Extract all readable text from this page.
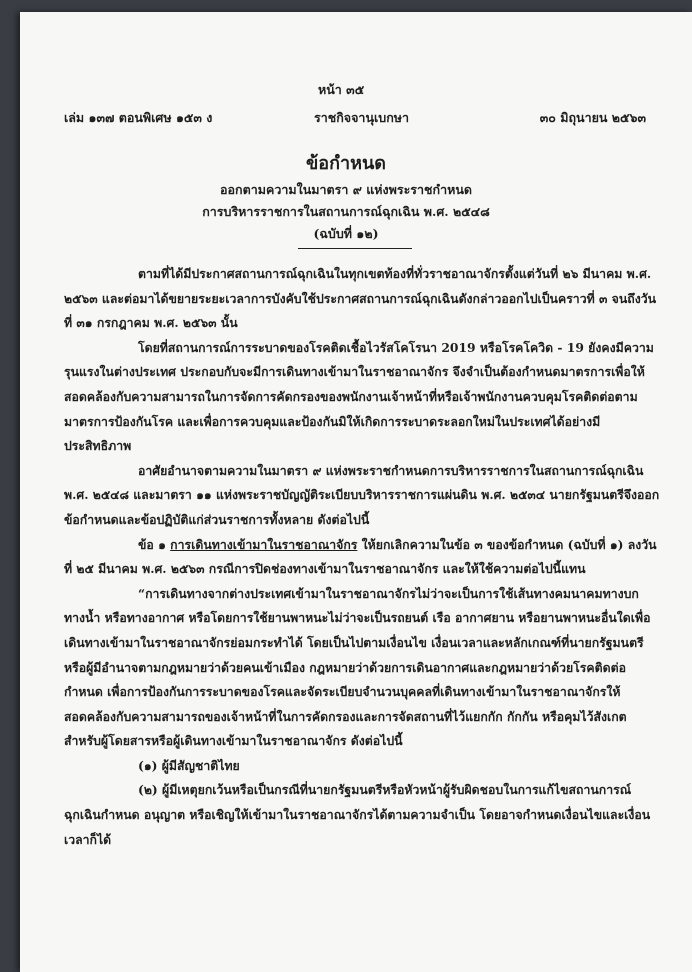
หน้า ๓๕
เล่ม ๑๓๗ ตอนพิเศษ ๑๕๓ ง	ราชกิจจานุเบกษา	๓๐ มิถุนายน ๒๕๖๓
ข้อกำหนด
ออกตามความในมาตรา ๙ แห่งพระราชกำหนด
การบริหารราชการในสถานการณ์ฉุกเฉิน พ.ศ. ๒๕๔๘
(ฉบับที่ ๑๒)

ตามที่ได้มีประกาศสถานการณ์ฉุกเฉินในทุกเขตท้องที่ทั่วราชอาณาจักรตั้งแต่วันที่ ๒๖ มีนาคม พ.ศ. ๒๕๖๓ และต่อมาได้ขยายระยะเวลาการบังคับใช้ประกาศสถานการณ์ฉุกเฉินดังกล่าวออกไปเป็นคราวที่ ๓ จนถึงวันที่ ๓๑ กรกฎาคม พ.ศ. ๒๕๖๓ นั้น

โดยที่สถานการณ์การระบาดของโรคติดเชื้อไวรัสโคโรนา 2019 หรือโรคโควิด - 19 ยังคงมีความรุนแรงในต่างประเทศ ประกอบกับจะมีการเดินทางเข้ามาในราชอาณาจักร จึงจำเป็นต้องกำหนดมาตรการเพื่อให้สอดคล้องกับความสามารถในการจัดการคัดกรองของพนักงานเจ้าหน้าที่หรือเจ้าพนักงานควบคุมโรคติดต่อตามมาตรการป้องกันโรค และเพื่อการควบคุมและป้องกันมิให้เกิดการระบาดระลอกใหม่ในประเทศได้อย่างมีประสิทธิภาพ

อาศัยอำนาจตามความในมาตรา ๙ แห่งพระราชกำหนดการบริหารราชการในสถานการณ์ฉุกเฉิน พ.ศ. ๒๕๔๘ และมาตรา ๑๑ แห่งพระราชบัญญัติระเบียบบริหารราชการแผ่นดิน พ.ศ. ๒๕๓๔ นายกรัฐมนตรีจึงออกข้อกำหนดและข้อปฏิบัติแก่ส่วนราชการทั้งหลาย ดังต่อไปนี้

ข้อ ๑ การเดินทางเข้ามาในราชอาณาจักร ให้ยกเลิกความในข้อ ๓ ของข้อกำหนด (ฉบับที่ ๑) ลงวันที่ ๒๕ มีนาคม พ.ศ. ๒๕๖๓ กรณีการปิดช่องทางเข้ามาในราชอาณาจักร และให้ใช้ความต่อไปนี้แทน

“การเดินทางจากต่างประเทศเข้ามาในราชอาณาจักรไม่ว่าจะเป็นการใช้เส้นทางคมนาคมทางบก ทางน้ำ หรือทางอากาศ หรือโดยการใช้ยานพาหนะไม่ว่าจะเป็นรถยนต์ เรือ อากาศยาน หรือยานพาหนะอื่นใดเพื่อเดินทางเข้ามาในราชอาณาจักรย่อมกระทำได้ โดยเป็นไปตามเงื่อนไข เงื่อนเวลาและหลักเกณฑ์ที่นายกรัฐมนตรีหรือผู้มีอำนาจตามกฎหมายว่าด้วยคนเข้าเมือง กฎหมายว่าด้วยการเดินอากาศและกฎหมายว่าด้วยโรคติดต่อกำหนด เพื่อการป้องกันการระบาดของโรคและจัดระเบียบจำนวนบุคคลที่เดินทางเข้ามาในราชอาณาจักรให้สอดคล้องกับความสามารถของเจ้าหน้าที่ในการคัดกรองและการจัดสถานที่ไว้แยกกัก กักกัน หรือคุมไว้สังเกต สำหรับผู้โดยสารหรือผู้เดินทางเข้ามาในราชอาณาจักร ดังต่อไปนี้

(๑) ผู้มีสัญชาติไทย

(๒) ผู้มีเหตุยกเว้นหรือเป็นกรณีที่นายกรัฐมนตรีหรือหัวหน้าผู้รับผิดชอบในการแก้ไขสถานการณ์ฉุกเฉินกำหนด อนุญาต หรือเชิญให้เข้ามาในราชอาณาจักรได้ตามความจำเป็น โดยอาจกำหนดเงื่อนไขและเงื่อนเวลาก็ได้
